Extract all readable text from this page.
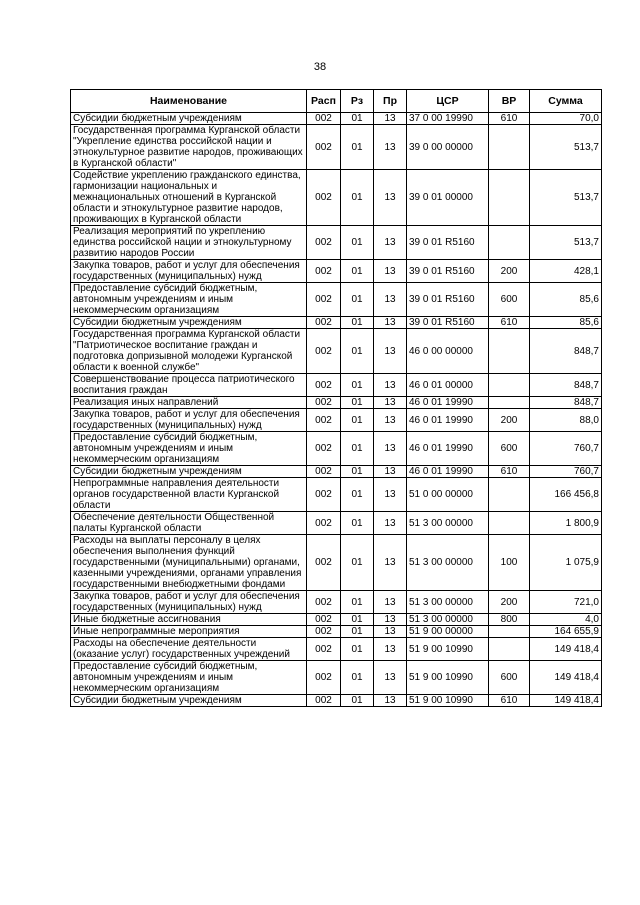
38
Наименование	Расп	Рз	Пр	ЦСР	ВР	Сумма
Субсидии бюджетным учреждениям	002	01	13	37 0 00 19990	610	70,0
Государственная программа Курганской области "Укрепление единства российской нации и этнокультурное развитие народов, проживающих в Курганской области"	002	01	13	39 0 00 00000		513,7
Содействие укреплению гражданского единства, гармонизации национальных и межнациональных отношений в Курганской области и этнокультурное развитие народов, проживающих в Курганской области	002	01	13	39 0 01 00000		513,7
Реализация мероприятий по укреплению единства российской нации и этнокультурному развитию народов России	002	01	13	39 0 01 R5160		513,7
Закупка товаров, работ и услуг для обеспечения государственных (муниципальных) нужд	002	01	13	39 0 01 R5160	200	428,1
Предоставление субсидий бюджетным, автономным учреждениям и иным некоммерческим организациям	002	01	13	39 0 01 R5160	600	85,6
Субсидии бюджетным учреждениям	002	01	13	39 0 01 R5160	610	85,6
Государственная программа Курганской области "Патриотическое воспитание граждан и подготовка допризывной молодежи Курганской области к военной службе"	002	01	13	46 0 00 00000		848,7
Совершенствование процесса патриотического воспитания граждан	002	01	13	46 0 01 00000		848,7
Реализация иных направлений	002	01	13	46 0 01 19990		848,7
Закупка товаров, работ и услуг для обеспечения государственных (муниципальных) нужд	002	01	13	46 0 01 19990	200	88,0
Предоставление субсидий бюджетным, автономным учреждениям и иным некоммерческим организациям	002	01	13	46 0 01 19990	600	760,7
Субсидии бюджетным учреждениям	002	01	13	46 0 01 19990	610	760,7
Непрограммные направления деятельности органов государственной власти Курганской области	002	01	13	51 0 00 00000		166 456,8
Обеспечение деятельности Общественной палаты Курганской области	002	01	13	51 3 00 00000		1 800,9
Расходы на выплаты персоналу в целях обеспечения выполнения функций государственными (муниципальными) органами, казенными учреждениями, органами управления государственными внебюджетными фондами	002	01	13	51 3 00 00000	100	1 075,9
Закупка товаров, работ и услуг для обеспечения государственных (муниципальных) нужд	002	01	13	51 3 00 00000	200	721,0
Иные бюджетные ассигнования	002	01	13	51 3 00 00000	800	4,0
Иные непрограммные мероприятия	002	01	13	51 9 00 00000		164 655,9
Расходы на обеспечение деятельности (оказание услуг) государственных учреждений	002	01	13	51 9 00 10990		149 418,4
Предоставление субсидий бюджетным, автономным учреждениям и иным некоммерческим организациям	002	01	13	51 9 00 10990	600	149 418,4
Субсидии бюджетным учреждениям	002	01	13	51 9 00 10990	610	149 418,4
